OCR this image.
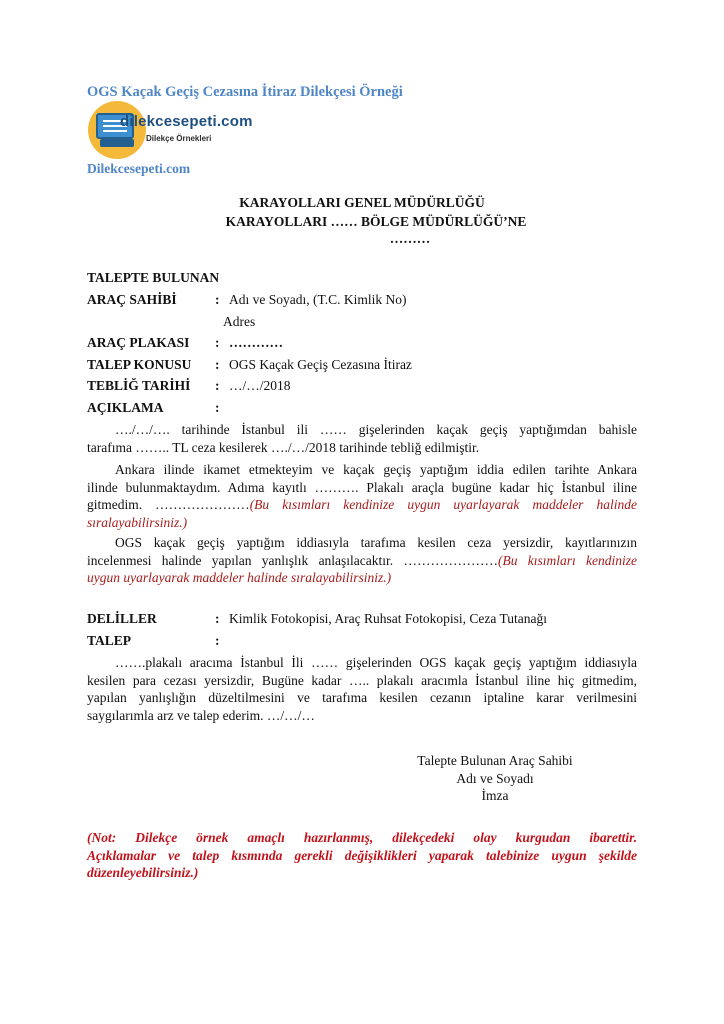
OGS Kaçak Geçiş Cezasına İtiraz Dilekçesi Örneği
dilekcesepeti.com
Dilekçe Örnekleri
Dilekcesepeti.com
KARAYOLLARI GENEL MÜDÜRLÜĞÜ
KARAYOLLARI …… BÖLGE MÜDÜRLÜĞÜ’NE
………
TALEPTE BULUNAN
ARAÇ SAHİBİ	: Adı ve Soyadı, (T.C. Kimlik No)
Adres
ARAÇ PLAKASI : …………
TALEP KONUSU : OGS Kaçak Geçiş Cezasına İtiraz
TEBLİĞ TARİHİ : …/…/2018
AÇIKLAMA	:
…./…/…. tarihinde İstanbul ili …… gişelerinden kaçak geçiş yaptığımdan bahisle
tarafıma …….. TL ceza kesilerek …./…/2018 tarihinde tebliğ edilmiştir.
Ankara ilinde ikamet etmekteyim ve kaçak geçiş yaptığım iddia edilen tarihte Ankara
ilinde bulunmaktaydım. Adıma kayıtlı ………. Plakalı araçla bugüne kadar hiç İstanbul iline
gitmedim. …………………(Bu kısımları kendinize uygun uyarlayarak maddeler halinde
sıralayabilirsiniz.)
OGS kaçak geçiş yaptığım iddiasıyla tarafıma kesilen ceza yersizdir, kayıtlarınızın
incelenmesi halinde yapılan yanlışlık anlaşılacaktır. …………………(Bu kısımları kendinize
uygun uyarlayarak maddeler halinde sıralayabilirsiniz.)
DELİLLER	: Kimlik Fotokopisi, Araç Ruhsat Fotokopisi, Ceza Tutanağı
TALEP	:
…….plakalı aracıma İstanbul İli …… gişelerinden OGS kaçak geçiş yaptığım iddiasıyla
kesilen para cezası yersizdir, Bugüne kadar ….. plakalı aracımla İstanbul iline hiç gitmedim,
yapılan yanlışlığın düzeltilmesini ve tarafıma kesilen cezanın iptaline karar verilmesini
saygılarımla arz ve talep ederim. …/…/…
Talepte Bulunan Araç Sahibi
Adı ve Soyadı
İmza
(Not: Dilekçe örnek amaçlı hazırlanmış, dilekçedeki olay kurgudan ibarettir.
Açıklamalar ve talep kısmında gerekli değişiklikleri yaparak talebinize uygun şekilde
düzenleyebilirsiniz.)
